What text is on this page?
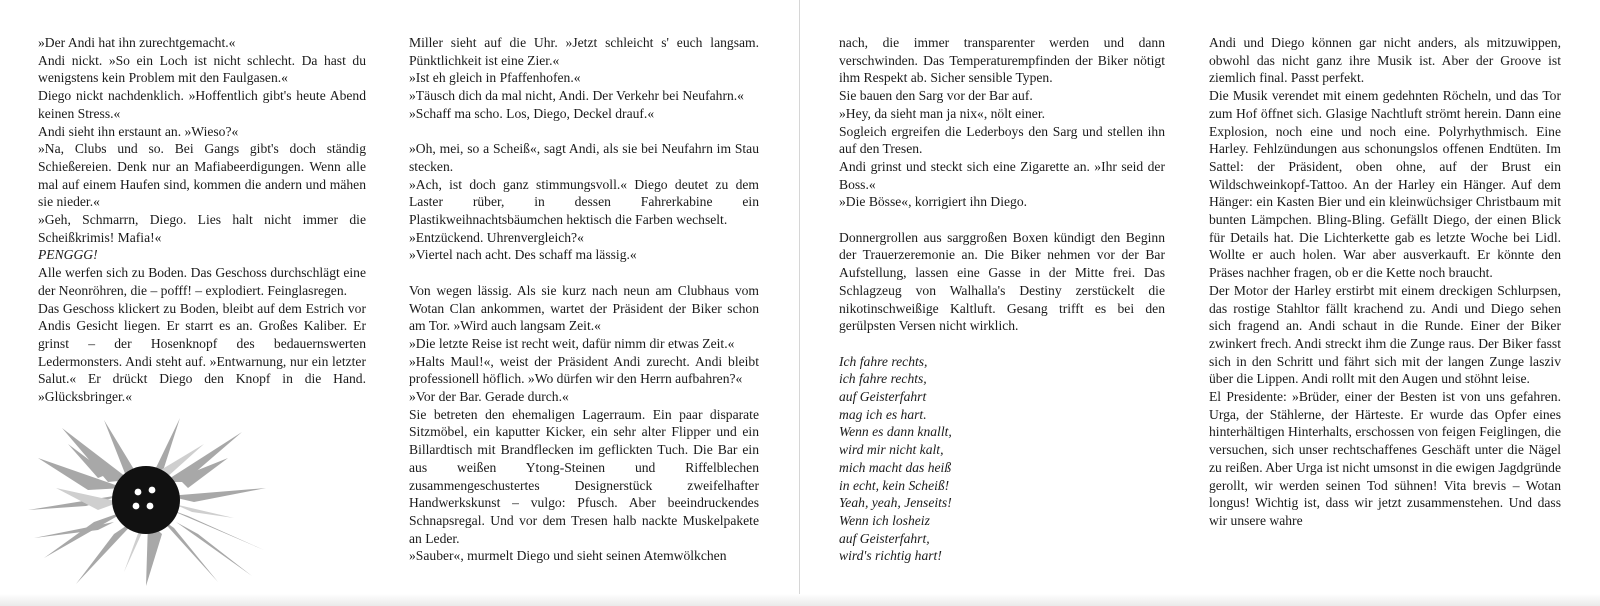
»Der Andi hat ihn zurechtgemacht.«

Andi nickt. »So ein Loch ist nicht schlecht. Da hast du wenigstens kein Problem mit den Faulgasen.«

Diego nickt nachdenklich. »Hoffentlich gibt's heute Abend keinen Stress.«

Andi sieht ihn erstaunt an. »Wieso?«

»Na, Clubs und so. Bei Gangs gibt's doch ständig Schießereien. Denk nur an Mafiabeerdigungen. Wenn alle mal auf einem Haufen sind, kommen die andern und mähen sie nieder.«

»Geh, Schmarrn, Diego. Lies halt nicht immer die Scheißkrimis! Mafia!«

PENGGG!

Alle werfen sich zu Boden. Das Geschoss durchschlägt eine der Neonröhren, die – pofff! – explodiert. Feinglasregen.

Das Geschoss klickert zu Boden, bleibt auf dem Estrich vor Andis Gesicht liegen. Er starrt es an. Großes Kaliber. Er grinst – der Hosenknopf des bedauernswerten Ledermonsters. Andi steht auf. »Entwarnung, nur ein letzter Salut.« Er drückt Diego den Knopf in die Hand. »Glücksbringer.«

Miller sieht auf die Uhr. »Jetzt schleicht s' euch langsam. Pünktlichkeit ist eine Zier.«

»Ist eh gleich in Pfaffenhofen.«

»Täusch dich da mal nicht, Andi. Der Verkehr bei Neufahrn.«

»Schaff ma scho. Los, Diego, Deckel drauf.«

»Oh, mei, so a Scheiß«, sagt Andi, als sie bei Neufahrn im Stau stecken.

»Ach, ist doch ganz stimmungsvoll.« Diego deutet zu dem Laster rüber, in dessen Fahrerkabine ein Plastikweihnachtsbäumchen hektisch die Farben wechselt.

»Entzückend. Uhrenvergleich?«

»Viertel nach acht. Des schaff ma lässig.«

Von wegen lässig. Als sie kurz nach neun am Clubhaus vom Wotan Clan ankommen, wartet der Präsident der Biker schon am Tor. »Wird auch langsam Zeit.«

»Die letzte Reise ist recht weit, dafür nimm dir etwas Zeit.«

»Halts Maul!«, weist der Präsident Andi zurecht. Andi bleibt professionell höflich. »Wo dürfen wir den Herrn aufbahren?«

»Vor der Bar. Gerade durch.«

Sie betreten den ehemaligen Lagerraum. Ein paar disparate Sitzmöbel, ein kaputter Kicker, ein sehr alter Flipper und ein Billardtisch mit Brandflecken im geflickten Tuch. Die Bar ein aus weißen Ytong-Steinen und Riffelblechen zusammengeschustertes Designerstück zweifelhafter Handwerkskunst – vulgo: Pfusch. Aber beeindruckendes Schnapsregal. Und vor dem Tresen halb nackte Muskelpakete an Leder.

»Sauber«, murmelt Diego und sieht seinen Atemwölkchen

nach, die immer transparenter werden und dann verschwinden. Das Temperaturempfinden der Biker nötigt ihm Respekt ab. Sicher sensible Typen.

Sie bauen den Sarg vor der Bar auf.

»Hey, da sieht man ja nix«, nölt einer.

Sogleich ergreifen die Lederboys den Sarg und stellen ihn auf den Tresen.

Andi grinst und steckt sich eine Zigarette an. »Ihr seid der Boss.«

»Die Bösse«, korrigiert ihn Diego.

Donnergrollen aus sarggroßen Boxen kündigt den Beginn der Trauerzeremonie an. Die Biker nehmen vor der Bar Aufstellung, lassen eine Gasse in der Mitte frei. Das Schlagzeug von Walhalla's Destiny zerstückelt die nikotinschweißige Kaltluft. Gesang trifft es bei den gerülpsten Versen nicht wirklich.

Ich fahre rechts,

ich fahre rechts,

auf Geisterfahrt

mag ich es hart.

Wenn es dann knallt,

wird mir nicht kalt,

mich macht das heiß

in echt, kein Scheiß!

Yeah, yeah, Jenseits!

Wenn ich losheiz

auf Geisterfahrt,

wird's richtig hart!

Andi und Diego können gar nicht anders, als mitzuwippen, obwohl das nicht ganz ihre Musik ist. Aber der Groove ist ziemlich final. Passt perfekt.

Die Musik verendet mit einem gedehnten Röcheln, und das Tor zum Hof öffnet sich. Glasige Nachtluft strömt herein. Dann eine Explosion, noch eine und noch eine. Polyrhythmisch. Eine Harley. Fehlzündungen aus schonungslos offenen Endtüten. Im Sattel: der Präsident, oben ohne, auf der Brust ein Wildschweinkopf-Tattoo. An der Harley ein Hänger. Auf dem Hänger: ein Kasten Bier und ein kleinwüchsiger Christbaum mit bunten Lämpchen. Bling-Bling. Gefällt Diego, der einen Blick für Details hat. Die Lichterkette gab es letzte Woche bei Lidl. Wollte er auch holen. War aber ausverkauft. Er könnte den Präses nachher fragen, ob er die Kette noch braucht.

Der Motor der Harley erstirbt mit einem dreckigen Schlurpsen, das rostige Stahltor fällt krachend zu. Andi und Diego sehen sich fragend an. Andi schaut in die Runde. Einer der Biker zwinkert frech. Andi streckt ihm die Zunge raus. Der Biker fasst sich in den Schritt und fährt sich mit der langen Zunge lasziv über die Lippen. Andi rollt mit den Augen und stöhnt leise.

El Presidente: »Brüder, einer der Besten ist von uns gefahren. Urga, der Stählerne, der Härteste. Er wurde das Opfer eines hinterhältigen Hinterhalts, erschossen von feigen Feiglingen, die versuchen, sich unser rechtschaffenes Geschäft unter die Nägel zu reißen. Aber Urga ist nicht umsonst in die ewigen Jagdgründe gerollt, wir werden seinen Tod sühnen! Vita brevis – Wotan longus! Wichtig ist, dass wir jetzt zusammenstehen. Und dass wir unsere wahre
